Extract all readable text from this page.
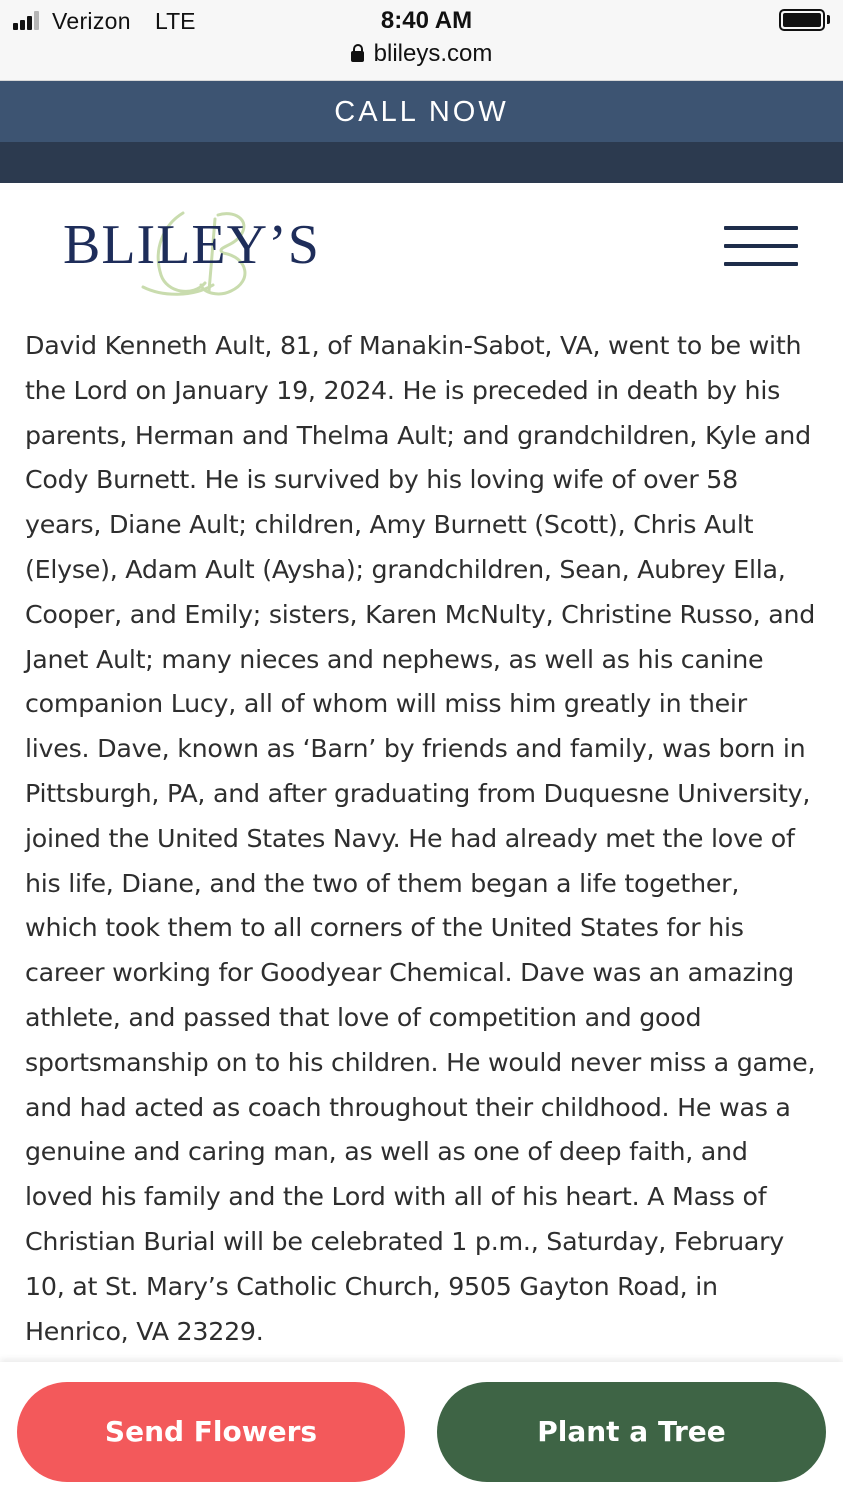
Verizon LTE	8:40 AM
blileys.com
CALL NOW
BLILEY’S

David Kenneth Ault, 81, of Manakin-Sabot, VA, went to be with the Lord on January 19, 2024. He is preceded in death by his parents, Herman and Thelma Ault; and grandchildren, Kyle and Cody Burnett. He is survived by his loving wife of over 58 years, Diane Ault; children, Amy Burnett (Scott), Chris Ault (Elyse), Adam Ault (Aysha); grandchildren, Sean, Aubrey Ella, Cooper, and Emily; sisters, Karen McNulty, Christine Russo, and Janet Ault; many nieces and nephews, as well as his canine companion Lucy, all of whom will miss him greatly in their lives. Dave, known as ‘Barn’ by friends and family, was born in Pittsburgh, PA, and after graduating from Duquesne University, joined the United States Navy. He had already met the love of his life, Diane, and the two of them began a life together, which took them to all corners of the United States for his career working for Goodyear Chemical. Dave was an amazing athlete, and passed that love of competition and good sportsmanship on to his children. He would never miss a game, and had acted as coach throughout their childhood. He was a genuine and caring man, as well as one of deep faith, and loved his family and the Lord with all of his heart. A Mass of Christian Burial will be celebrated 1 p.m., Saturday, February 10, at St. Mary’s Catholic Church, 9505 Gayton Road, in Henrico, VA 23229.

Send Flowers	Plant a Tree
